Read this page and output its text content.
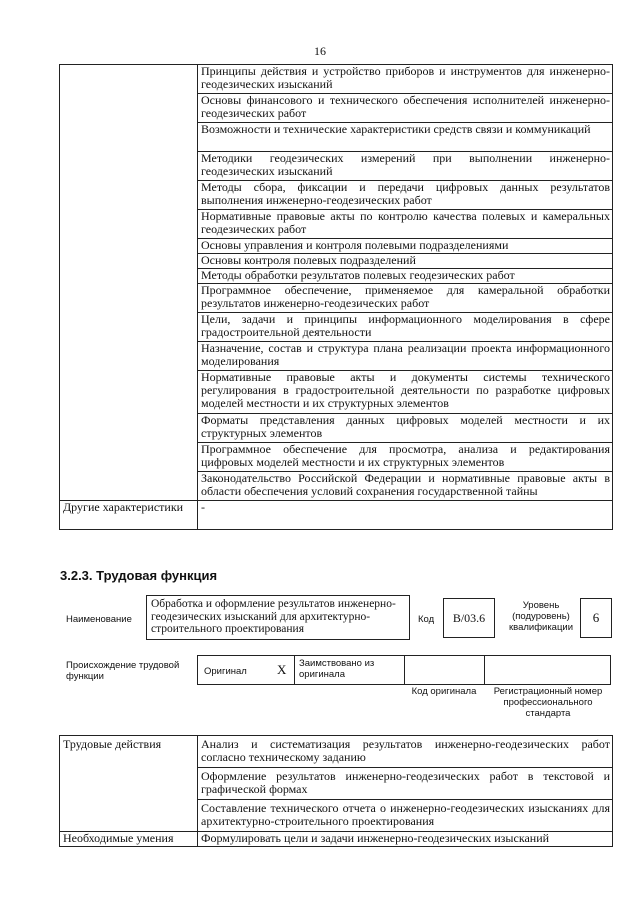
16
	Принципы действия и устройство приборов и инструментов для инженерно-геодезических изысканий
	Основы финансового и технического обеспечения исполнителей инженерно-геодезических работ
	Возможности и технические характеристики средств связи и коммуникаций
	Методики геодезических измерений при выполнении инженерно-геодезических изысканий
	Методы сбора, фиксации и передачи цифровых данных результатов выполнения инженерно-геодезических работ
	Нормативные правовые акты по контролю качества полевых и камеральных геодезических работ
	Основы управления и контроля полевыми подразделениями
	Основы контроля полевых подразделений
	Методы обработки результатов полевых геодезических работ
	Программное обеспечение, применяемое для камеральной обработки результатов инженерно-геодезических работ
	Цели, задачи и принципы информационного моделирования в сфере градостроительной деятельности
	Назначение, состав и структура плана реализации проекта информационного моделирования
	Нормативные правовые акты и документы системы технического регулирования в градостроительной деятельности по разработке цифровых моделей местности и их структурных элементов
	Форматы представления данных цифровых моделей местности и их структурных элементов
	Программное обеспечение для просмотра, анализа и редактирования цифровых моделей местности и их структурных элементов
	Законодательство Российской Федерации и нормативные правовые акты в области обеспечения условий сохранения государственной тайны
Другие характеристики	-
3.2.3. Трудовая функция
Наименование
Обработка и оформление результатов инженерно-геодезических изысканий для архитектурно-строительного проектирования
Код	B/03.6
Уровень (подуровень) квалификации
6
Происхождение трудовой функции	Оригинал X Заимствовано из оригинала
Код оригинала	Регистрационный номер профессионального стандарта
Трудовые действия	Анализ и систематизация результатов инженерно-геодезических работ согласно техническому заданию
	Оформление результатов инженерно-геодезических работ в текстовой и графической формах
	Составление технического отчета о инженерно-геодезических изысканиях для архитектурно-строительного проектирования
Необходимые умения	Формулировать цели и задачи инженерно-геодезических изысканий
